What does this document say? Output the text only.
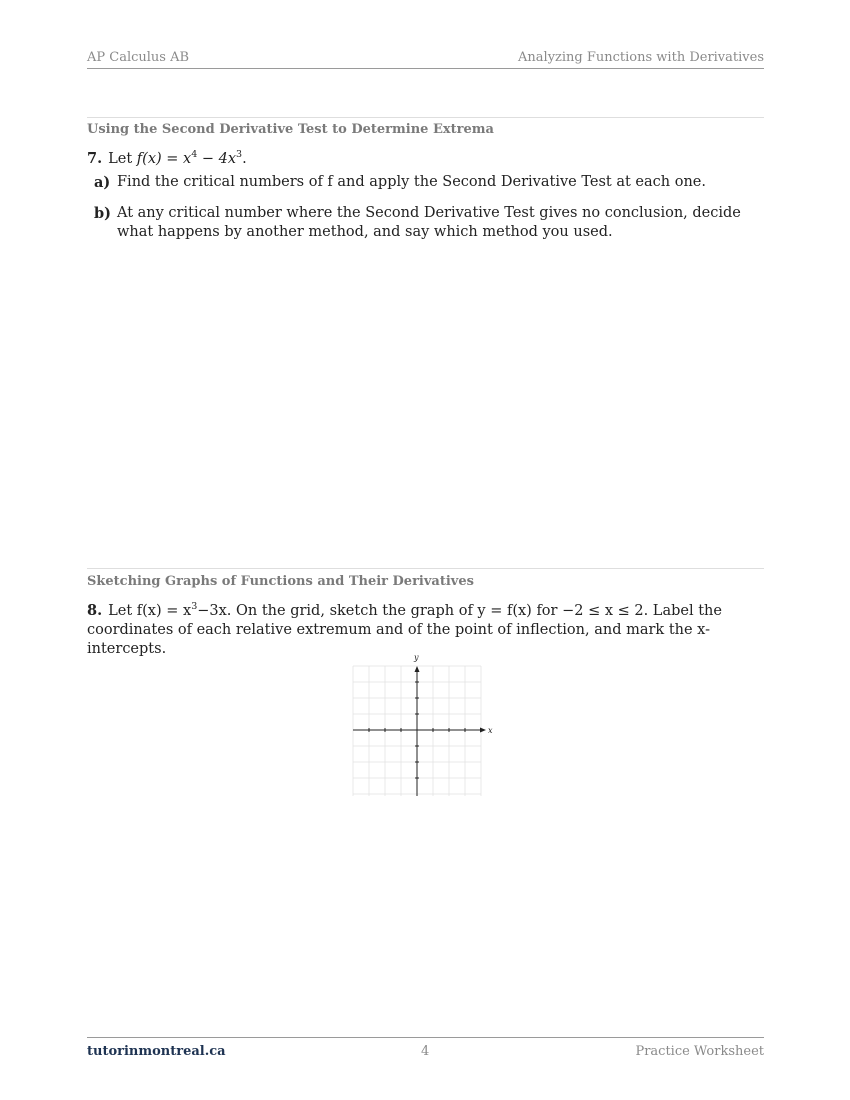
AP Calculus AB	Analyzing Functions with Derivatives
Using the Second Derivative Test to Determine Extrema
7. Let $f(x) = x^4 - 4x^3$.
a) Find the critical numbers of f and apply the Second Derivative Test at each one.
b) At any critical number where the Second Derivative Test gives no conclusion, decide what happens by another method, and say which method you used.
Sketching Graphs of Functions and Their Derivatives
8. Let $f(x) = x^3-3x$. On the grid, sketch the graph of y = f(x) for −2 ≤ x ≤ 2. Label the coordinates of each relative extremum and of the point of inflection, and mark the x-intercepts.
x
y
tutorinmontreal.ca	4	Practice Worksheet
